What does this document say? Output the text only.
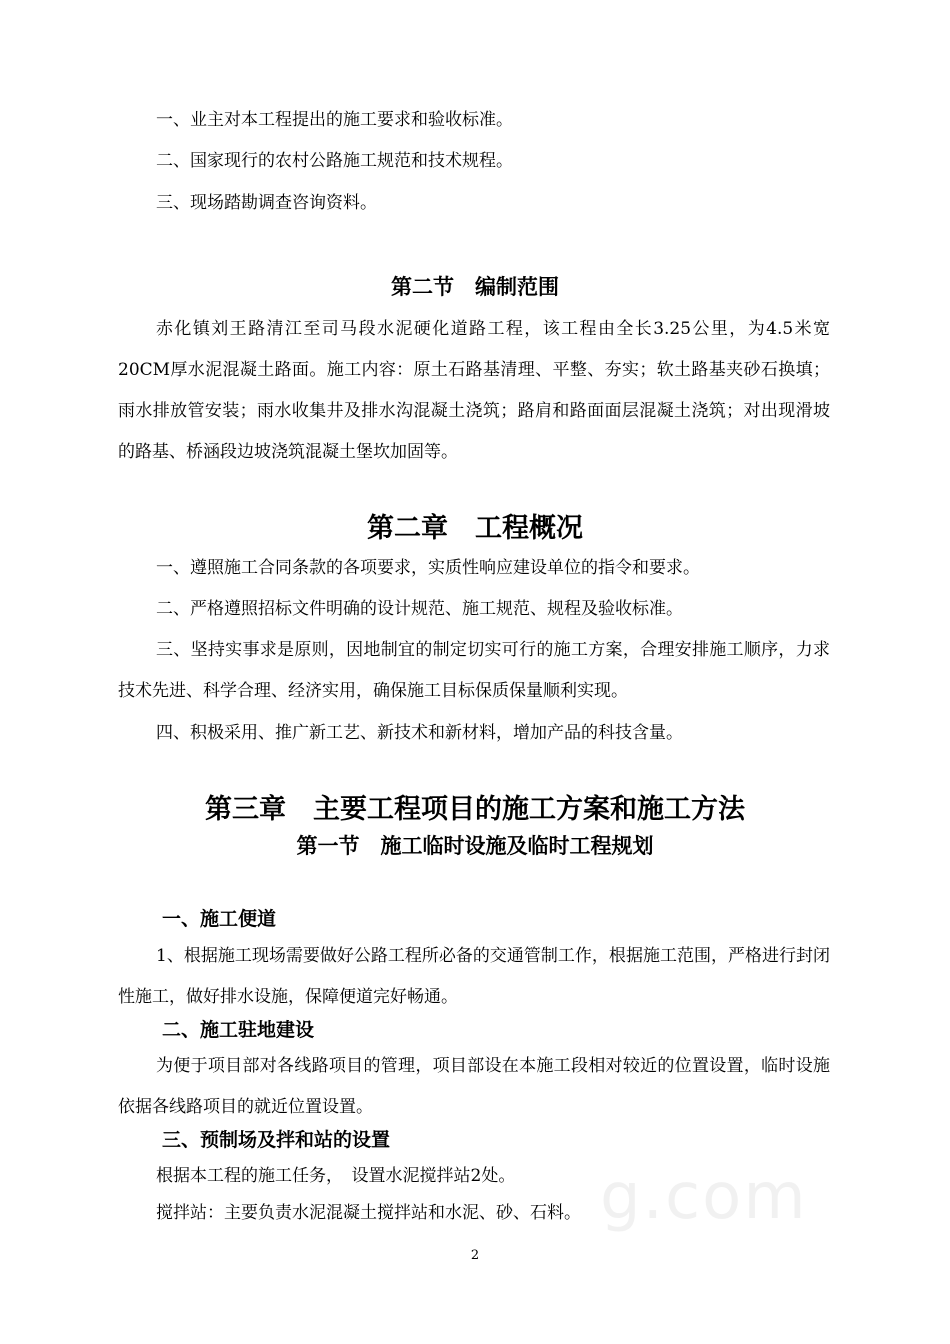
一、业主对本工程提出的施工要求和验收标准。

二、国家现行的农村公路施工规范和技术规程。

三、现场踏勘调查咨询资料。

第二节　编制范围

赤化镇刘王路清江至司马段水泥硬化道路工程，该工程由全长3.25公里，为4.5米宽20CM厚水泥混凝土路面。施工内容：原土石路基清理、平整、夯实；软土路基夹砂石换填；雨水排放管安装；雨水收集井及排水沟混凝土浇筑；路肩和路面面层混凝土浇筑；对出现滑坡的路基、桥涵段边坡浇筑混凝土堡坎加固等。

第二章　工程概况

一、遵照施工合同条款的各项要求，实质性响应建设单位的指令和要求。

二、严格遵照招标文件明确的设计规范、施工规范、规程及验收标准。

三、坚持实事求是原则，因地制宜的制定切实可行的施工方案，合理安排施工顺序，力求技术先进、科学合理、经济实用，确保施工目标保质保量顺利实现。

四、积极采用、推广新工艺、新技术和新材料，增加产品的科技含量。

第三章　主要工程项目的施工方案和施工方法
第一节　施工临时设施及临时工程规划
一、施工便道

1、根据施工现场需要做好公路工程所必备的交通管制工作，根据施工范围，严格进行封闭性施工，做好排水设施，保障便道完好畅通。

二、施工驻地建设

为便于项目部对各线路项目的管理，项目部设在本施工段相对较近的位置设置，临时设施依据各线路项目的就近位置设置。

三、预制场及拌和站的设置

根据本工程的施工任务，　设置水泥搅拌站2处。

搅拌站：主要负责水泥混凝土搅拌站和水泥、砂、石料。 g.com
2
